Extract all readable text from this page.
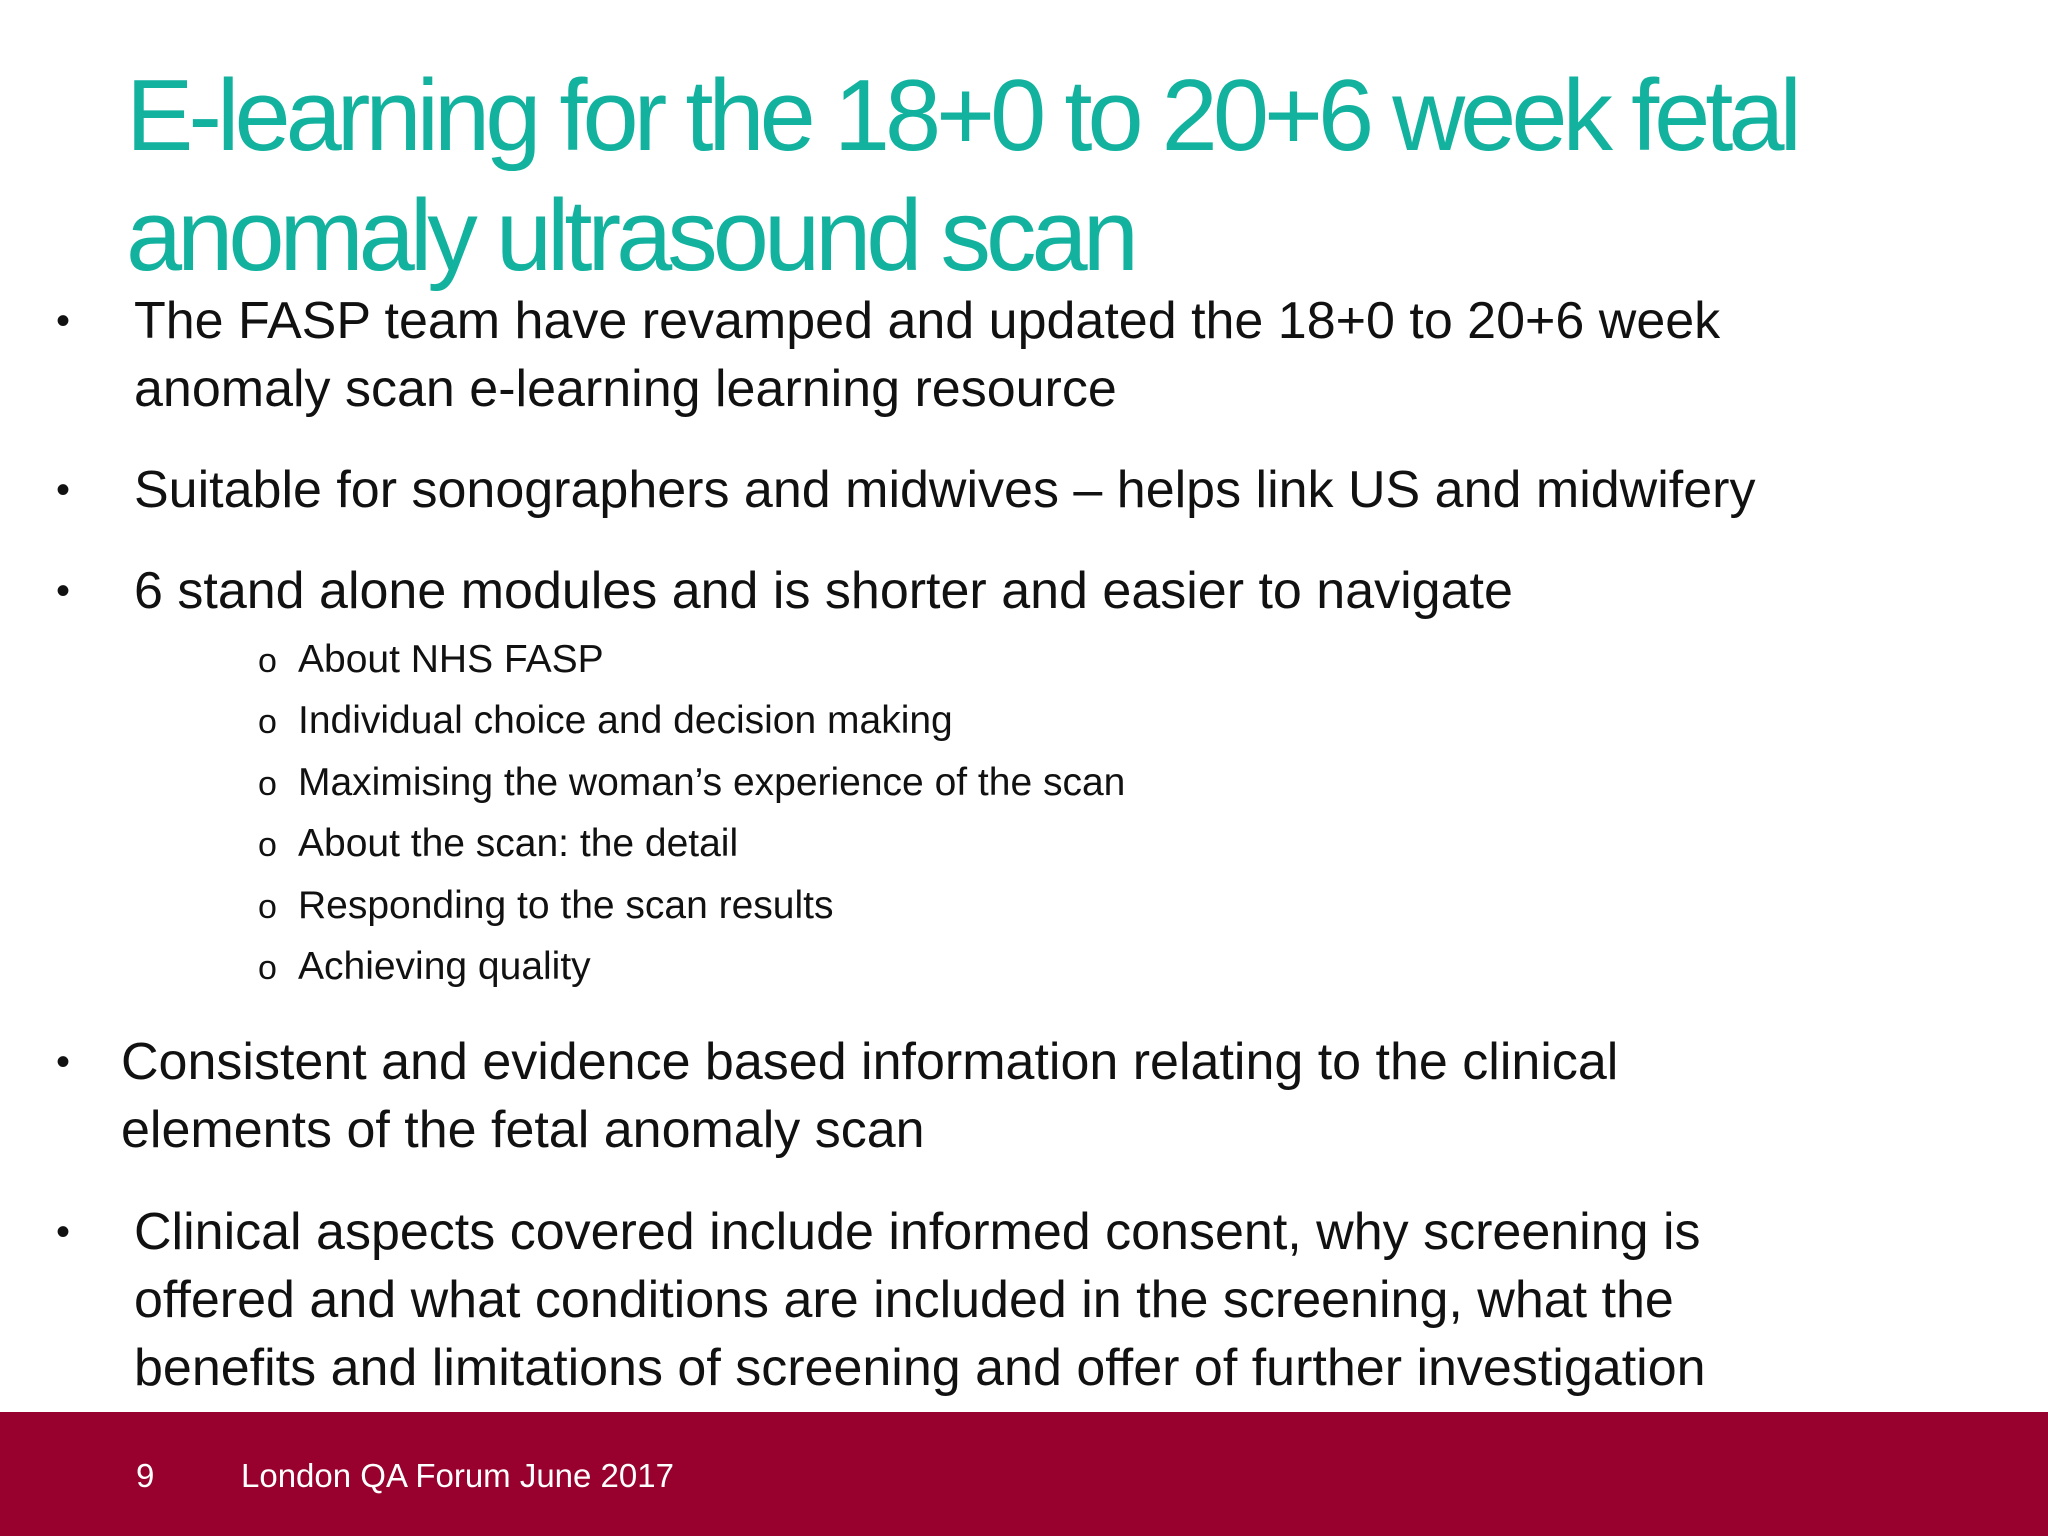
E-learning for the 18+0 to 20+6 week fetal
anomaly ultrasound scan
• The FASP team have revamped and updated the 18+0 to 20+6 week
anomaly scan e-learning learning resource
• Suitable for sonographers and midwives – helps link US and midwifery
• 6 stand alone modules and is shorter and easier to navigate
o About NHS FASP
o Individual choice and decision making
o Maximising the woman’s experience of the scan
o About the scan: the detail
o Responding to the scan results
o Achieving quality
• Consistent and evidence based information relating to the clinical
elements of the fetal anomaly scan
• Clinical aspects covered include informed consent, why screening is
offered and what conditions are included in the screening, what the
benefits and limitations of screening and offer of further investigation
9	London QA Forum June 2017
